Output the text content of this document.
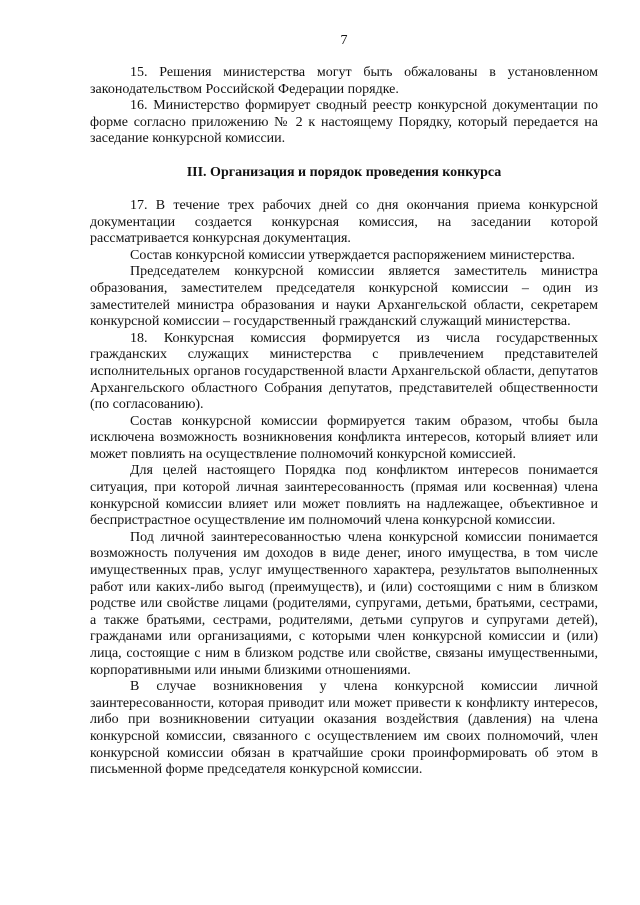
7

15. Решения министерства могут быть обжалованы в установленном законодательством Российской Федерации порядке.

16. Министерство формирует сводный реестр конкурсной документации по форме согласно приложению № 2 к настоящему Порядку, который передается на заседание конкурсной комиссии.

III. Организация и порядок проведения конкурса

17. В течение трех рабочих дней со дня окончания приема конкурсной документации создается конкурсная комиссия, на заседании которой рассматривается конкурсная документация.

Состав конкурсной комиссии утверждается распоряжением министерства.

Председателем конкурсной комиссии является заместитель министра образования, заместителем председателя конкурсной комиссии – один из заместителей министра образования и науки Архангельской области, секретарем конкурсной комиссии – государственный гражданский служащий министерства.

18. Конкурсная комиссия формируется из числа государственных гражданских служащих министерства с привлечением представителей исполнительных органов государственной власти Архангельской области, депутатов Архангельского областного Собрания депутатов, представителей общественности (по согласованию).

Состав конкурсной комиссии формируется таким образом, чтобы была исключена возможность возникновения конфликта интересов, который влияет или может повлиять на осуществление полномочий конкурсной комиссией.

Для целей настоящего Порядка под конфликтом интересов понимается ситуация, при которой личная заинтересованность (прямая или косвенная) члена конкурсной комиссии влияет или может повлиять на надлежащее, объективное и беспристрастное осуществление им полномочий члена конкурсной комиссии.

Под личной заинтересованностью члена конкурсной комиссии понимается возможность получения им доходов в виде денег, иного имущества, в том числе имущественных прав, услуг имущественного характера, результатов выполненных работ или каких-либо выгод (преимуществ), и (или) состоящими с ним в близком родстве или свойстве лицами (родителями, супругами, детьми, братьями, сестрами, а также братьями, сестрами, родителями, детьми супругов и супругами детей), гражданами или организациями, с которыми член конкурсной комиссии и (или) лица, состоящие с ним в близком родстве или свойстве, связаны имущественными, корпоративными или иными близкими отношениями.

В случае возникновения у члена конкурсной комиссии личной заинтересованности, которая приводит или может привести к конфликту интересов, либо при возникновении ситуации оказания воздействия (давления) на члена конкурсной комиссии, связанного с осуществлением им своих полномочий, член конкурсной комиссии обязан в кратчайшие сроки проинформировать об этом в письменной форме председателя конкурсной комиссии.
